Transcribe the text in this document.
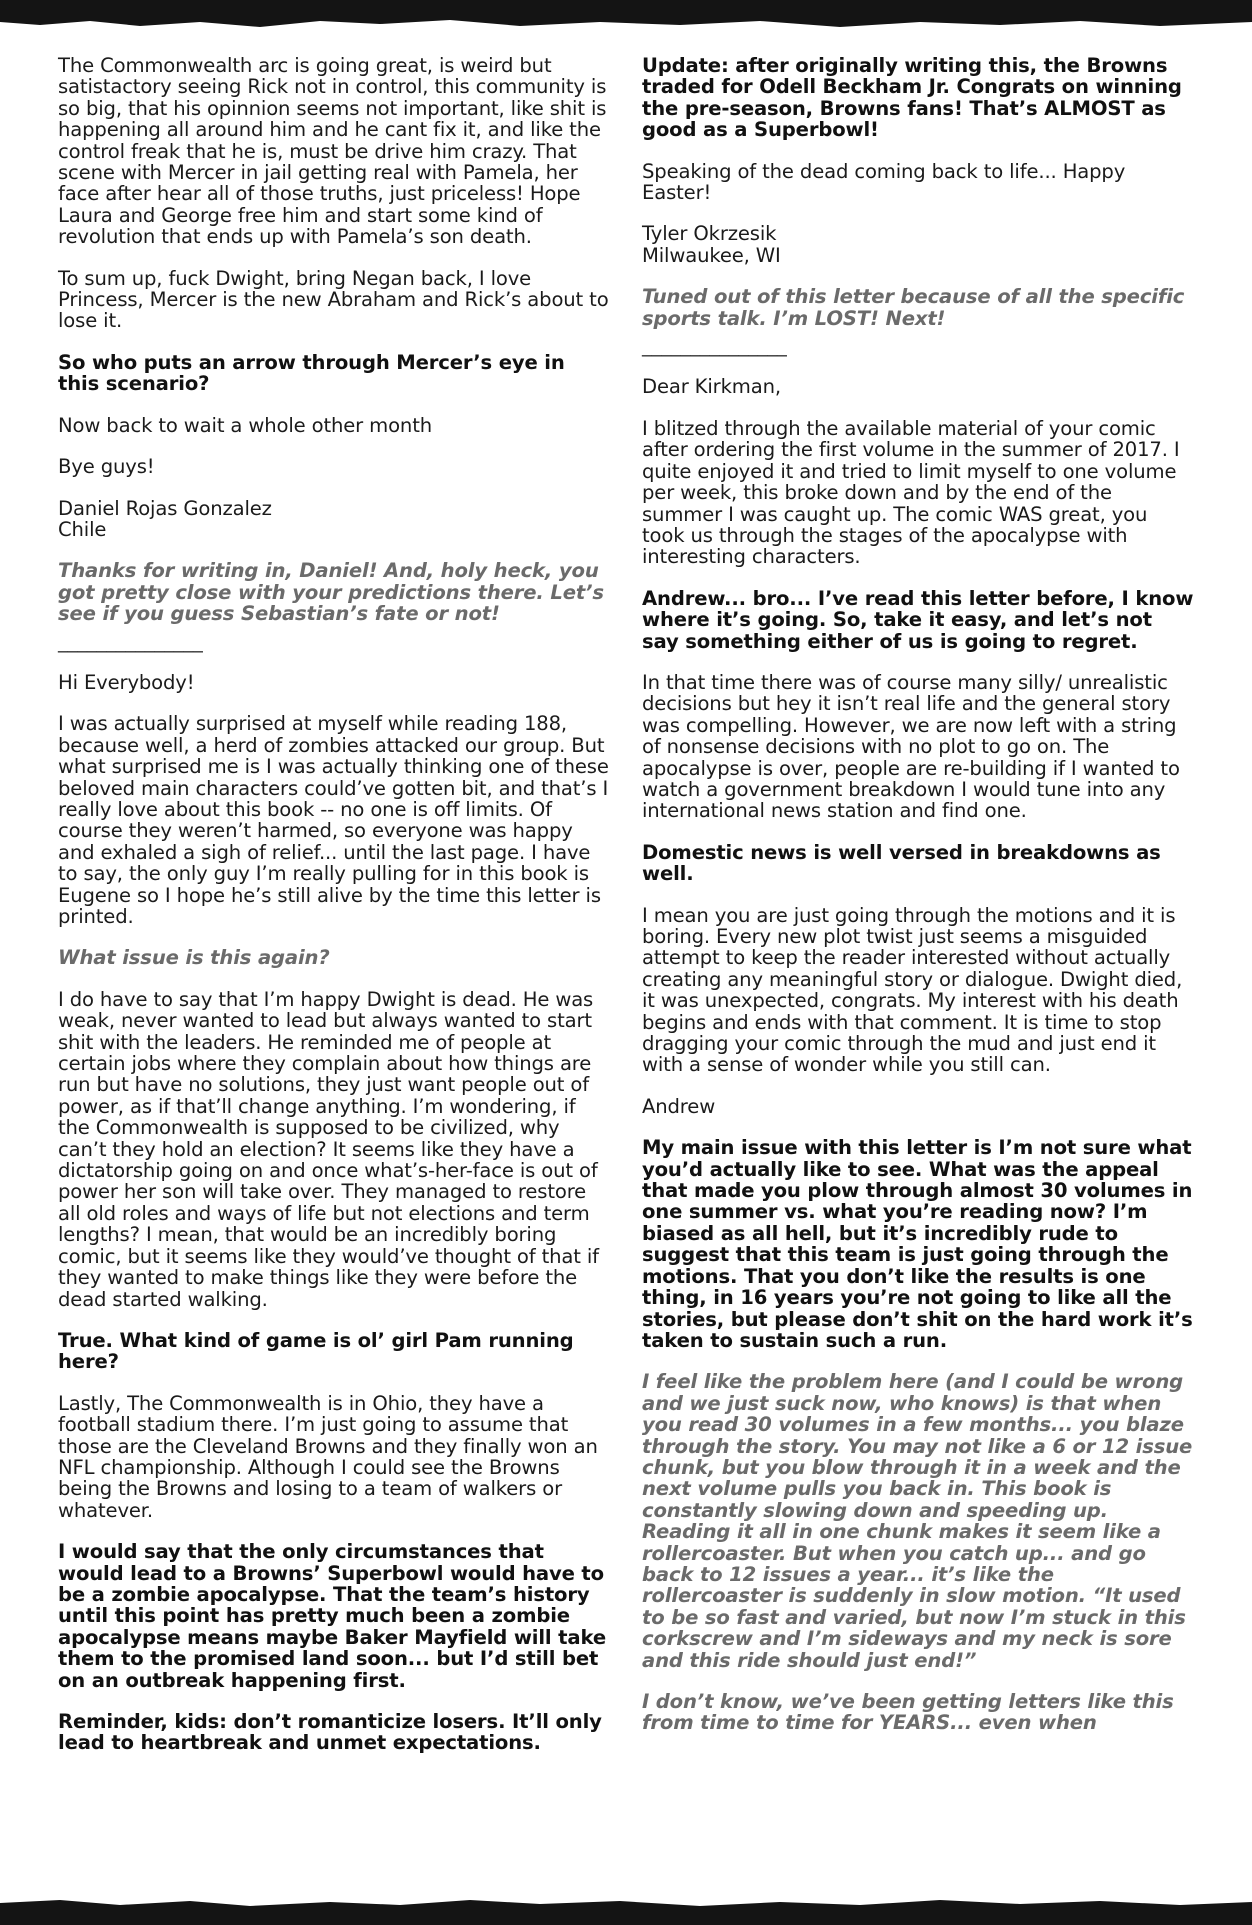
The Commonwealth arc is going great, is weird but satistactory seeing Rick not in control, this community is so big, that his opinnion seems not important, like shit is happening all around him and he cant fix it, and like the control freak that he is, must be drive him crazy. That scene with Mercer in jail getting real with Pamela, her face after hear all of those truths, just priceless! Hope Laura and George free him and start some kind of revolution that ends up with Pamela’s son death.

To sum up, fuck Dwight, bring Negan back, I love Princess, Mercer is the new Abraham and Rick’s about to lose it.

So who puts an arrow through Mercer’s eye in this scenario?

Now back to wait a whole other month

Bye guys!

Daniel Rojas Gonzalez
Chile

Thanks for writing in, Daniel! And, holy heck, you got pretty close with your predictions there. Let’s see if you guess Sebastian’s fate or not!

_______________

Hi Everybody!

I was actually surprised at myself while reading 188, because well, a herd of zombies attacked our group. But what surprised me is I was actually thinking one of these beloved main characters could’ve gotten bit, and that’s I really love about this book -- no one is off limits. Of course they weren’t harmed, so everyone was happy and exhaled a sigh of relief... until the last page. I have to say, the only guy I’m really pulling for in this book is Eugene so I hope he’s still alive by the time this letter is printed.

What issue is this again?

I do have to say that I’m happy Dwight is dead. He was weak, never wanted to lead but always wanted to start shit with the leaders. He reminded me of people at certain jobs where they complain about how things are run but have no solutions, they just want people out of power, as if that’ll change anything. I’m wondering, if the Commonwealth is supposed to be civilized, why can’t they hold an election? It seems like they have a dictatorship going on and once what’s-her-face is out of power her son will take over. They managed to restore all old roles and ways of life but not elections and term lengths? I mean, that would be an incredibly boring comic, but it seems like they would’ve thought of that if they wanted to make things like they were before the dead started walking.

True. What kind of game is ol’ girl Pam running here?

Lastly, The Commonwealth is in Ohio, they have a football stadium there. I’m just going to assume that those are the Cleveland Browns and they finally won an NFL championship. Although I could see the Browns being the Browns and losing to a team of walkers or whatever.

I would say that the only circumstances that would lead to a Browns’ Superbowl would have to be a zombie apocalypse. That the team’s history until this point has pretty much been a zombie apocalypse means maybe Baker Mayfield will take them to the promised land soon... but I’d still bet on an outbreak happening first.

Reminder, kids: don’t romanticize losers. It’ll only lead to heartbreak and unmet expectations.

Update: after originally writing this, the Browns traded for Odell Beckham Jr. Congrats on winning the pre-season, Browns fans! That’s ALMOST as good as a Superbowl!

Speaking of the dead coming back to life... Happy Easter!

Tyler Okrzesik
Milwaukee, WI

Tuned out of this letter because of all the specific sports talk. I’m LOST! Next!

_______________

Dear Kirkman,

I blitzed through the available material of your comic after ordering the first volume in the summer of 2017. I quite enjoyed it and tried to limit myself to one volume per week, this broke down and by the end of the summer I was caught up. The comic WAS great, you took us through the stages of the apocalypse with interesting characters.

Andrew... bro... I’ve read this letter before, I know where it’s going. So, take it easy, and let’s not say something either of us is going to regret.

In that time there was of course many silly/ unrealistic decisions but hey it isn’t real life and the general story was compelling. However, we are now left with a string of nonsense decisions with no plot to go on. The apocalypse is over, people are re-building if I wanted to watch a government breakdown I would tune into any international news station and find one.

Domestic news is well versed in breakdowns as well.

I mean you are just going through the motions and it is boring. Every new plot twist just seems a misguided attempt to keep the reader interested without actually creating any meaningful story or dialogue. Dwight died, it was unexpected, congrats. My interest with his death begins and ends with that comment. It is time to stop dragging your comic through the mud and just end it with a sense of wonder while you still can.

Andrew

My main issue with this letter is I’m not sure what you’d actually like to see. What was the appeal that made you plow through almost 30 volumes in one summer vs. what you’re reading now? I’m biased as all hell, but it’s incredibly rude to suggest that this team is just going through the motions. That you don’t like the results is one thing, in 16 years you’re not going to like all the stories, but please don’t shit on the hard work it’s taken to sustain such a run.

I feel like the problem here (and I could be wrong and we just suck now, who knows) is that when you read 30 volumes in a few months... you blaze through the story. You may not like a 6 or 12 issue chunk, but you blow through it in a week and the next volume pulls you back in. This book is constantly slowing down and speeding up. Reading it all in one chunk makes it seem like a rollercoaster. But when you catch up... and go back to 12 issues a year... it’s like the rollercoaster is suddenly in slow motion. “It used to be so fast and varied, but now I’m stuck in this corkscrew and I’m sideways and my neck is sore and this ride should just end!”

I don’t know, we’ve been getting letters like this from time to time for YEARS... even when
